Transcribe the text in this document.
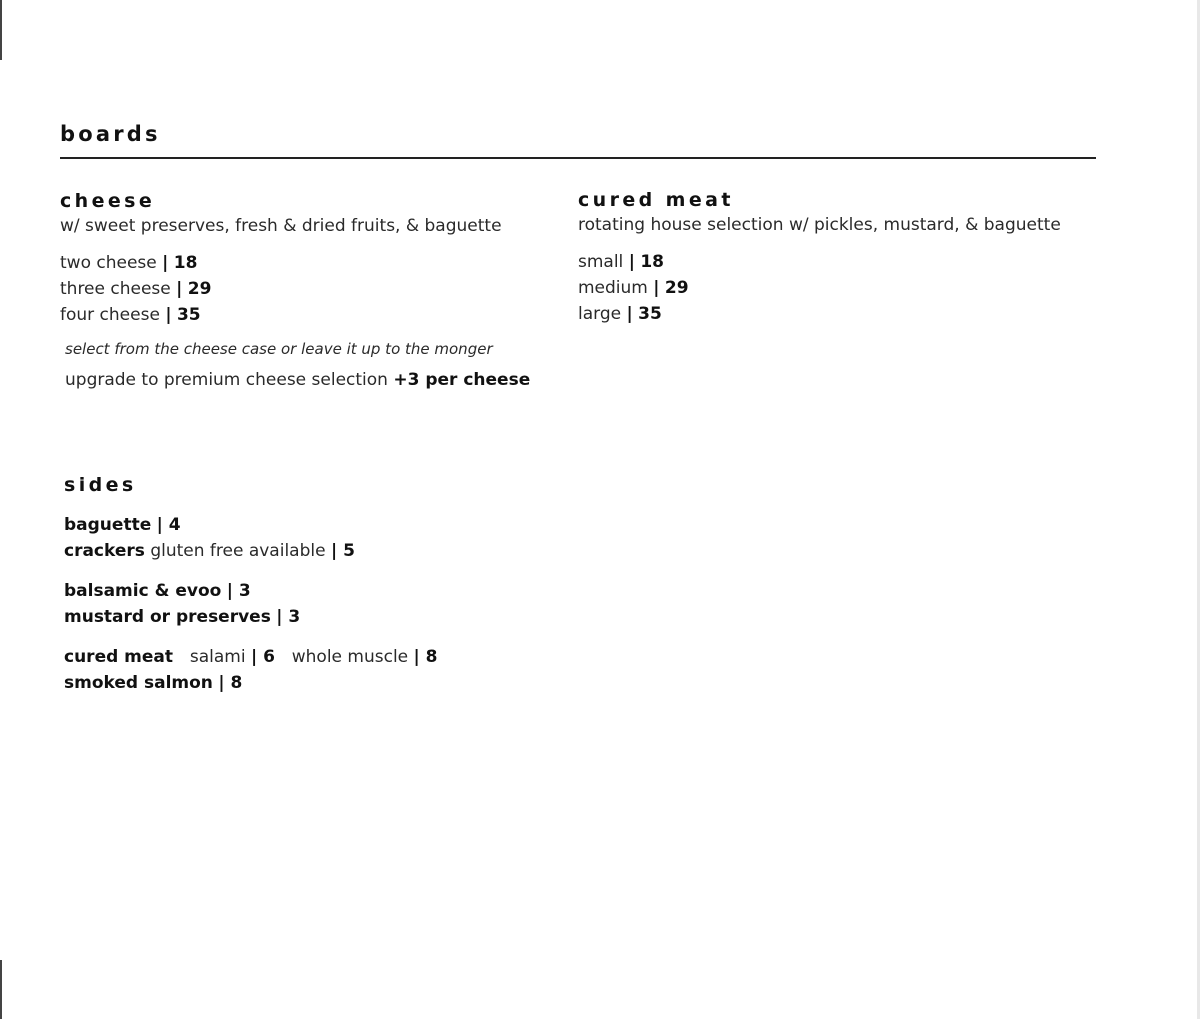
boards
cheese

w/ sweet preserves, fresh & dried fruits, & baguette

two cheese | 18
three cheese | 29
four cheese | 35

select from the cheese case or leave it up to the monger

upgrade to premium cheese selection +3 per cheese

cured meat

rotating house selection w/ pickles, mustard, & baguette

small | 18
medium | 29
large | 35
sides
baguette | 4
crackers gluten free available | 5
balsamic & evoo | 3
mustard or preserves | 3
cured meat salami | 6 whole muscle | 8
smoked salmon | 8
